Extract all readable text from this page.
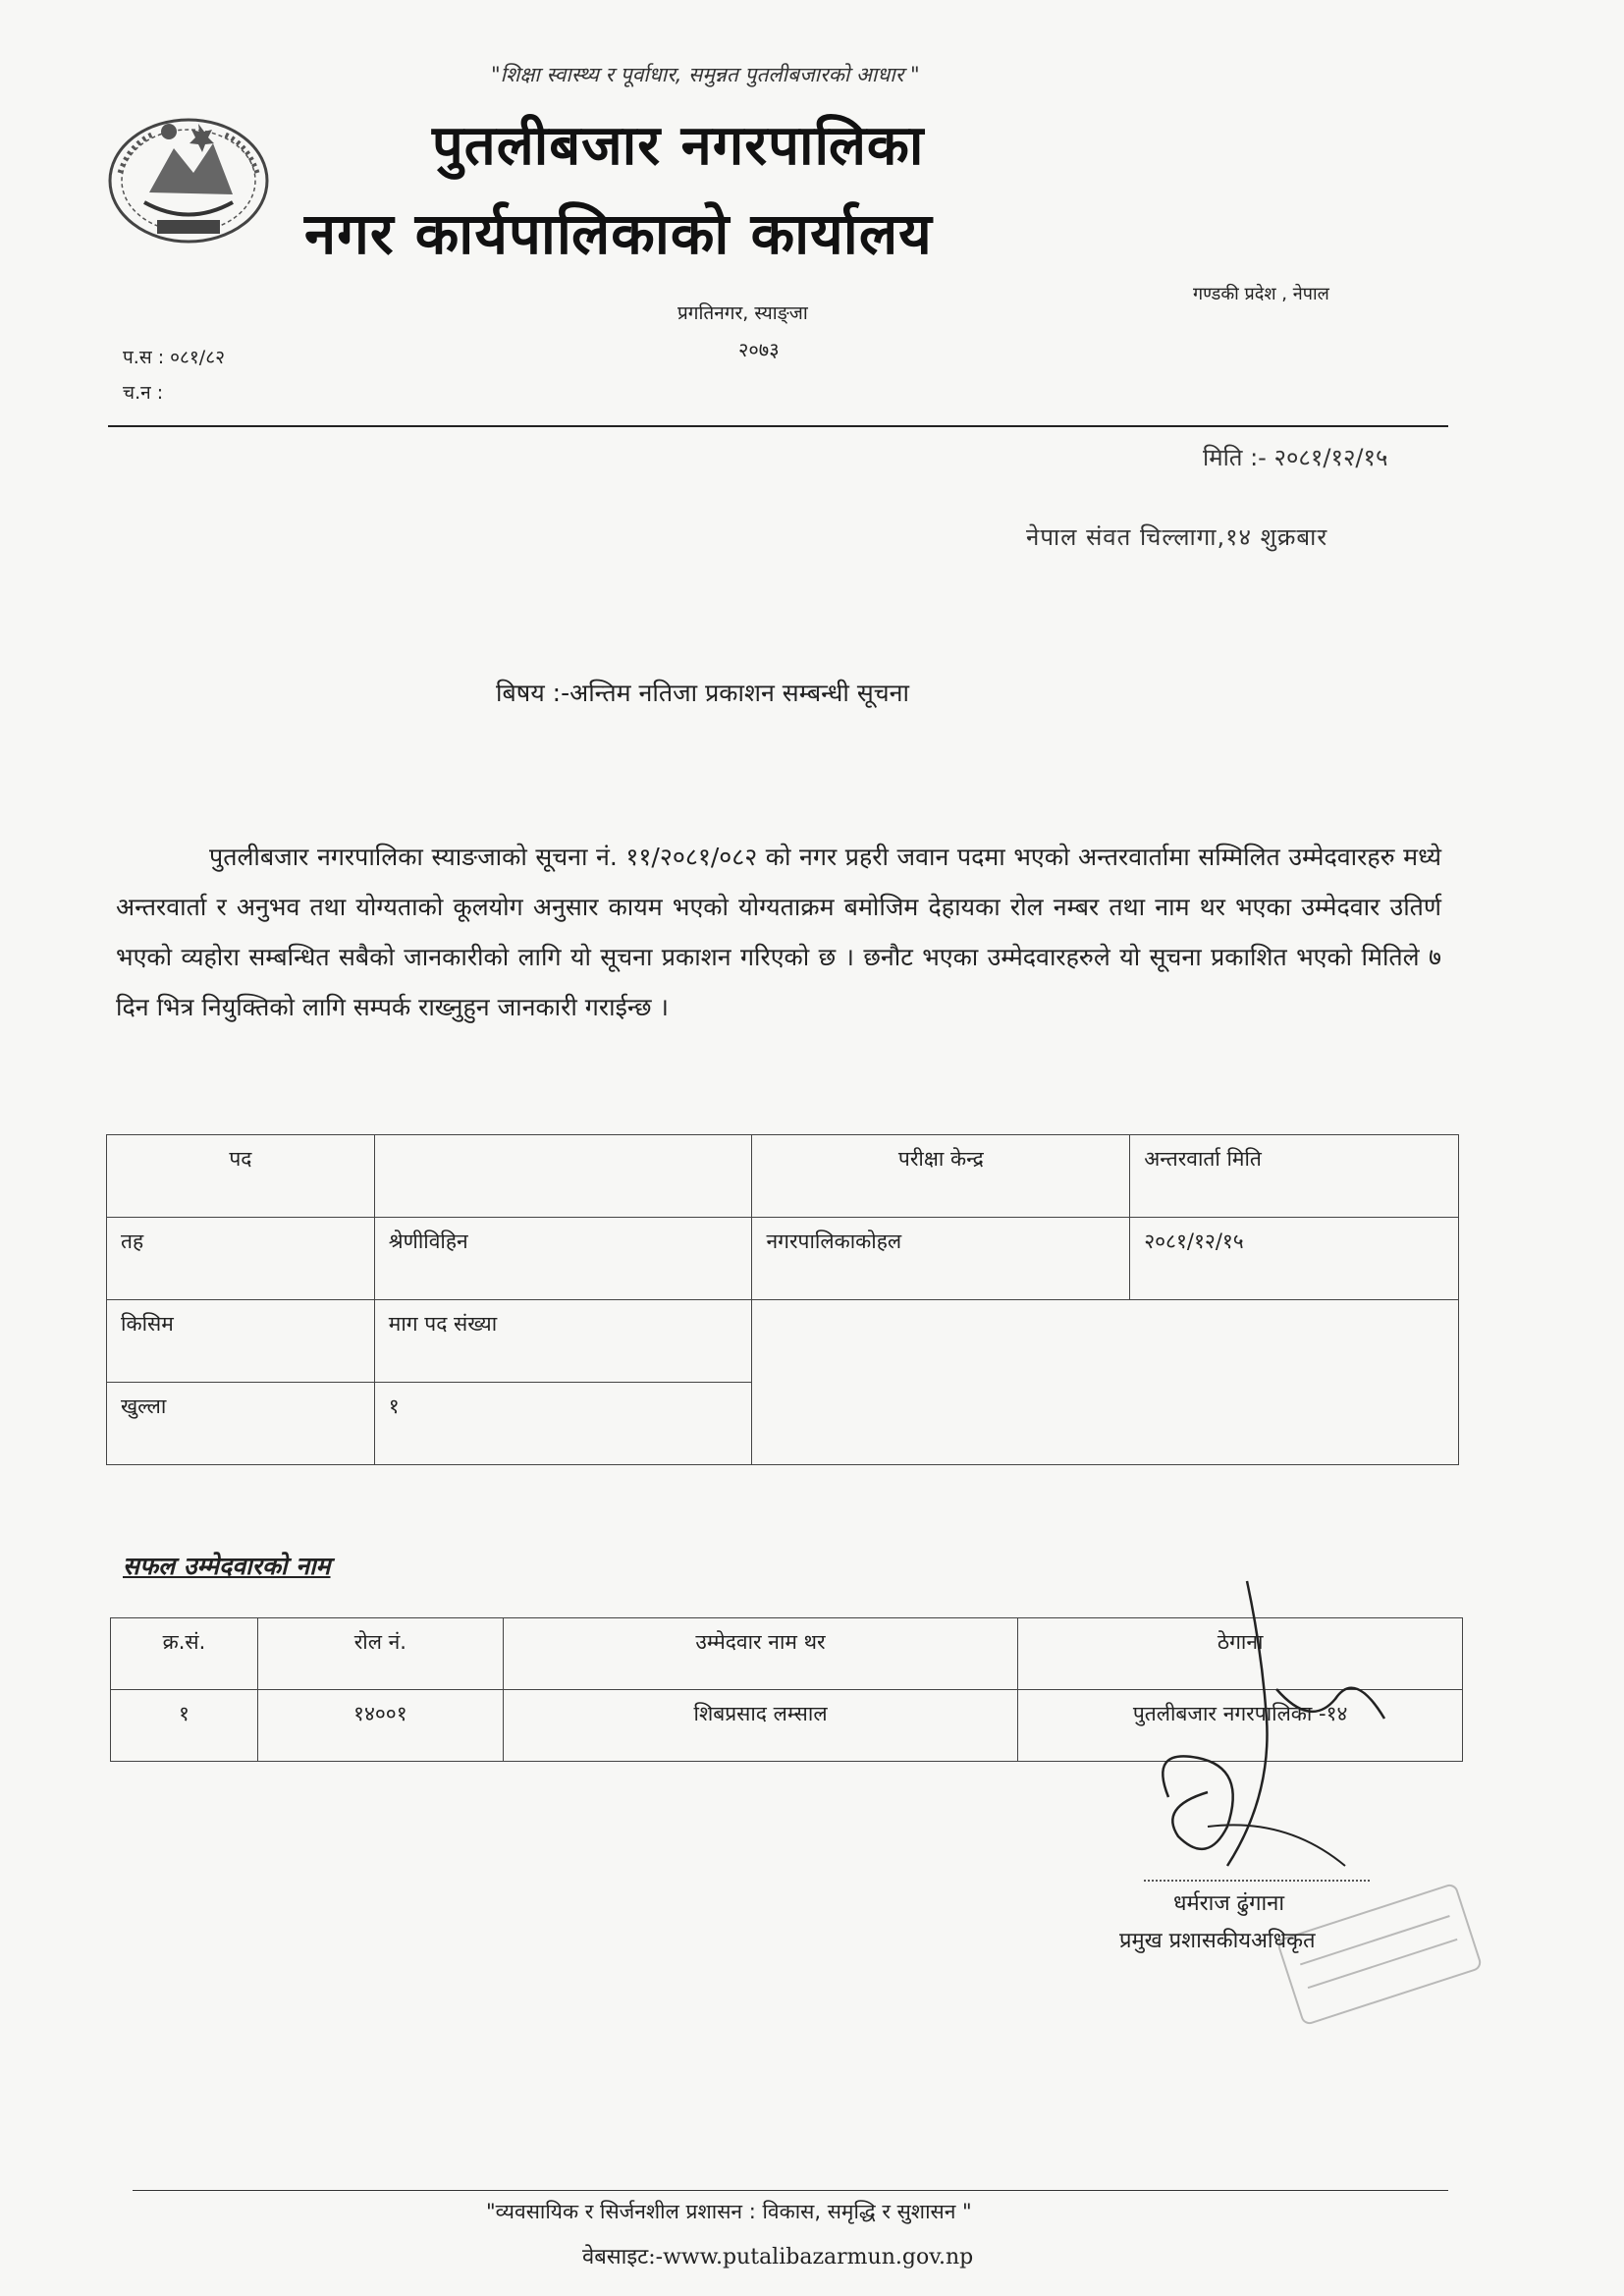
"शिक्षा स्वास्थ्य र पूर्वाधार, समुन्नत पुतलीबजारको आधार "
पुतलीबजार नगरपालिका
नगर कार्यपालिकाको कार्यालय
गण्डकी प्रदेश , नेपाल
प्रगतिनगर, स्याङ्जा
२०७३
प.स : ०८१/८२
च.न :
मिति :- २०८१/१२/१५
नेपाल संवत चिल्लागा,१४ शुक्रबार
बिषय :-अन्तिम नतिजा प्रकाशन सम्बन्धी सूचना
पुतलीबजार नगरपालिका स्याङजाको सूचना नं. ११/२०८१/०८२ को नगर प्रहरी जवान पदमा भएको अन्तरवार्तामा सम्मिलित उम्मेदवारहरु मध्ये अन्तरवार्ता र अनुभव तथा योग्यताको कूलयोग अनुसार कायम भएको योग्यताक्रम बमोजिम देहायका रोल नम्बर तथा नाम थर भएका उम्मेदवार उतिर्ण भएको व्यहोरा सम्बन्धित सबैको जानकारीको लागि यो सूचना प्रकाशन गरिएको छ । छनौट भएका उम्मेदवारहरुले यो सूचना प्रकाशित भएको मितिले ७ दिन भित्र नियुक्तिको लागि सम्पर्क राख्नुहुन जानकारी गराईन्छ ।
पद		परीक्षा केन्द्र	अन्तरवार्ता मिति
तह	श्रेणीविहिन	नगरपालिकाकोहल	२०८१/१२/१५
किसिम	माग पद संख्या		
खुल्ला	१		
सफल उम्मेदवारको नाम
क्र.सं.	रोल नं.	उम्मेदवार नाम थर	ठेगाना
१	१४००१	शिबप्रसाद लम्साल	पुतलीबजार नगरपालिका -१४
धर्मराज ढुंगाना
प्रमुख प्रशासकीयअधिकृत
"व्यवसायिक र सिर्जनशील प्रशासन : विकास, समृद्धि र सुशासन "
वेबसाइट:-www.putalibazarmun.gov.np
